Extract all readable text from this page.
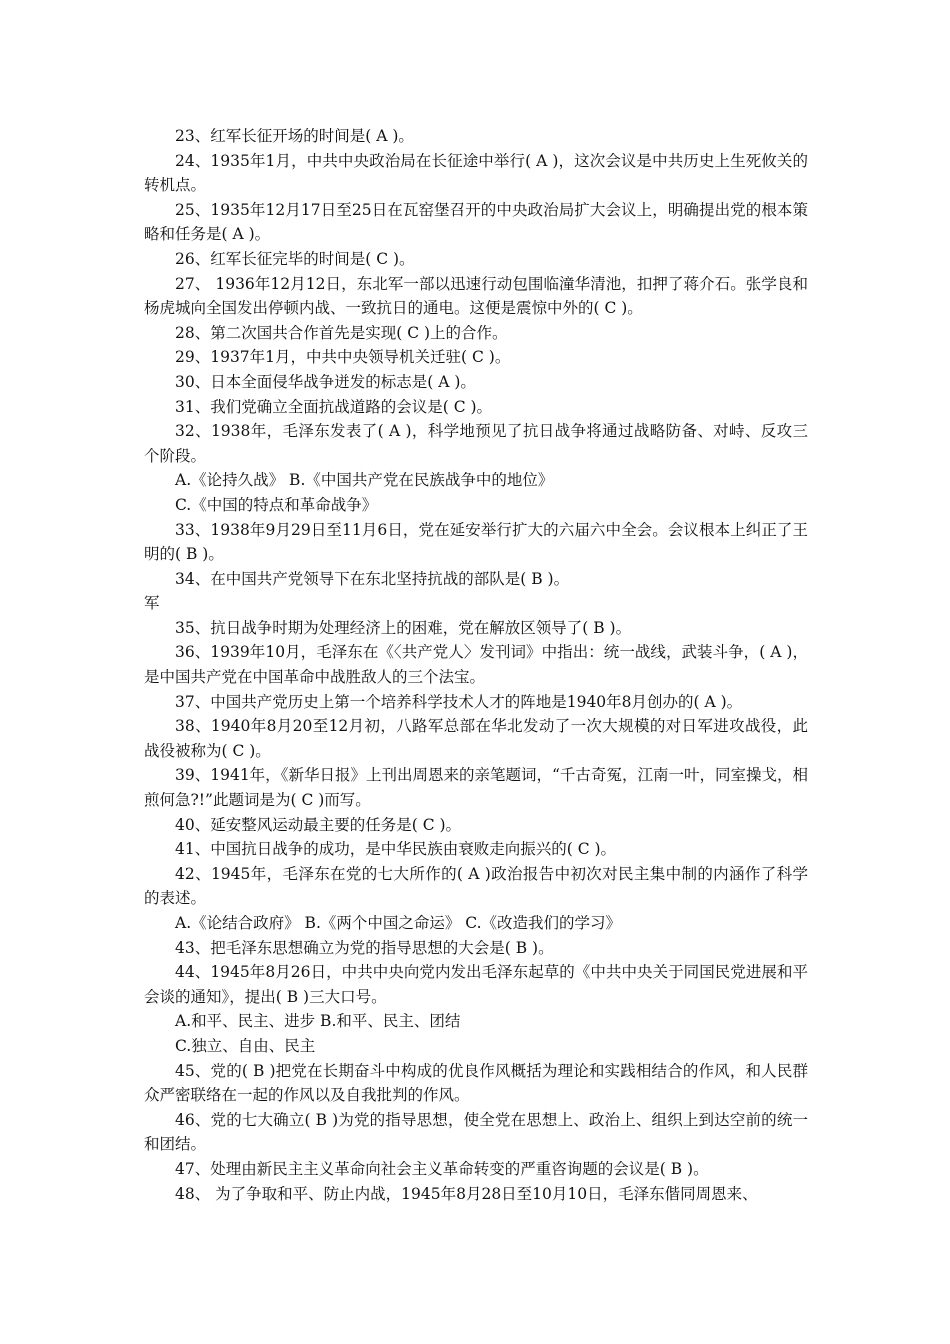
23、红军长征开场的时间是( A )。

24、1935年1月，中共中央政治局在长征途中举行( A )，这次会议是中共历史上生死攸关的转机点。

25、1935年12月17日至25日在瓦窑堡召开的中央政治局扩大会议上，明确提出党的根本策略和任务是( A )。

26、红军长征完毕的时间是( C )。

27、 1936年12月12日，东北军一部以迅速行动包围临潼华清池，扣押了蒋介石。张学良和杨虎城向全国发出停顿内战、一致抗日的通电。这便是震惊中外的( C )。

28、第二次国共合作首先是实现( C )上的合作。

29、1937年1月，中共中央领导机关迁驻( C )。

30、日本全面侵华战争迸发的标志是( A )。

31、我们党确立全面抗战道路的会议是( C )。

32、1938年，毛泽东发表了( A )，科学地预见了抗日战争将通过战略防备、对峙、反攻三个阶段。

A.《论持久战》 B.《中国共产党在民族战争中的地位》

C.《中国的特点和革命战争》

33、1938年9月29日至11月6日，党在延安举行扩大的六届六中全会。会议根本上纠正了王明的( B )。

34、在中国共产党领导下在东北坚持抗战的部队是( B )。

军

35、抗日战争时期为处理经济上的困难，党在解放区领导了( B )。

36、1939年10月，毛泽东在《〈共产党人〉发刊词》中指出：统一战线，武装斗争，( A )，是中国共产党在中国革命中战胜敌人的三个法宝。

37、中国共产党历史上第一个培养科学技术人才的阵地是1940年8月创办的( A )。

38、1940年8月20至12月初，八路军总部在华北发动了一次大规模的对日军进攻战役，此战役被称为( C )。

39、1941年，《新华日报》上刊出周恩来的亲笔题词，“千古奇冤，江南一叶，同室操戈，相煎何急?!”此题词是为( C )而写。

40、延安整风运动最主要的任务是( C )。

41、中国抗日战争的成功，是中华民族由衰败走向振兴的( C )。

42、1945年，毛泽东在党的七大所作的( A )政治报告中初次对民主集中制的内涵作了科学的表述。

A.《论结合政府》 B.《两个中国之命运》 C.《改造我们的学习》

43、把毛泽东思想确立为党的指导思想的大会是( B )。

44、1945年8月26日，中共中央向党内发出毛泽东起草的《中共中央关于同国民党进展和平会谈的通知》，提出( B )三大口号。

A.和平、民主、进步 B.和平、民主、团结

C.独立、自由、民主

45、党的( B )把党在长期奋斗中构成的优良作风概括为理论和实践相结合的作风，和人民群众严密联络在一起的作风以及自我批判的作风。

46、党的七大确立( B )为党的指导思想，使全党在思想上、政治上、组织上到达空前的统一和团结。

47、处理由新民主主义革命向社会主义革命转变的严重咨询题的会议是( B )。

48、 为了争取和平、防止内战，1945年8月28日至10月10日，毛泽东偕同周恩来、
